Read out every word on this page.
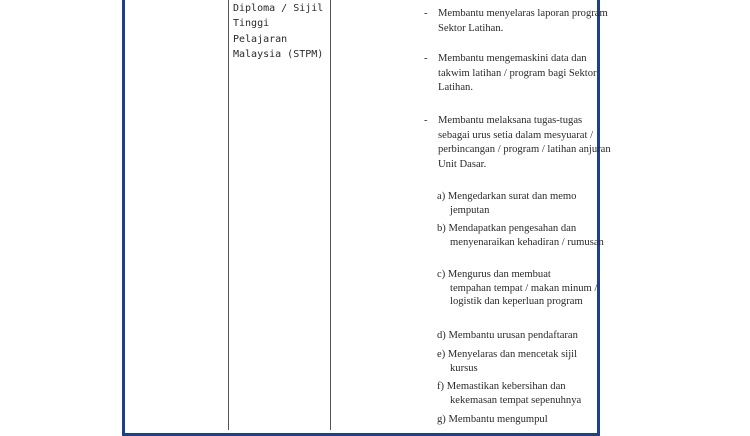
Diploma / Sijil Tinggi Pelajaran Malaysia (STPM)
- Membantu menyelaras laporan program Sektor Latihan.
- Membantu mengemaskini data dan takwim latihan / program bagi Sektor Latihan.
- Membantu melaksana tugas-tugas sebagai urus setia dalam mesyuarat / perbincangan / program / latihan anjuran Unit Dasar.
a) Mengedarkan surat dan memo
jemputan
b) Mendapatkan pengesahan dan
menyenaraikan kehadiran / rumusan
c) Mengurus dan membuat
tempahan tempat / makan minum / logistik dan keperluan program
d) Membantu urusan pendaftaran
e) Menyelaras dan mencetak sijil
kursus
f) Memastikan kebersihan dan
kekemasan tempat sepenuhnya
g) Membantu mengumpul
